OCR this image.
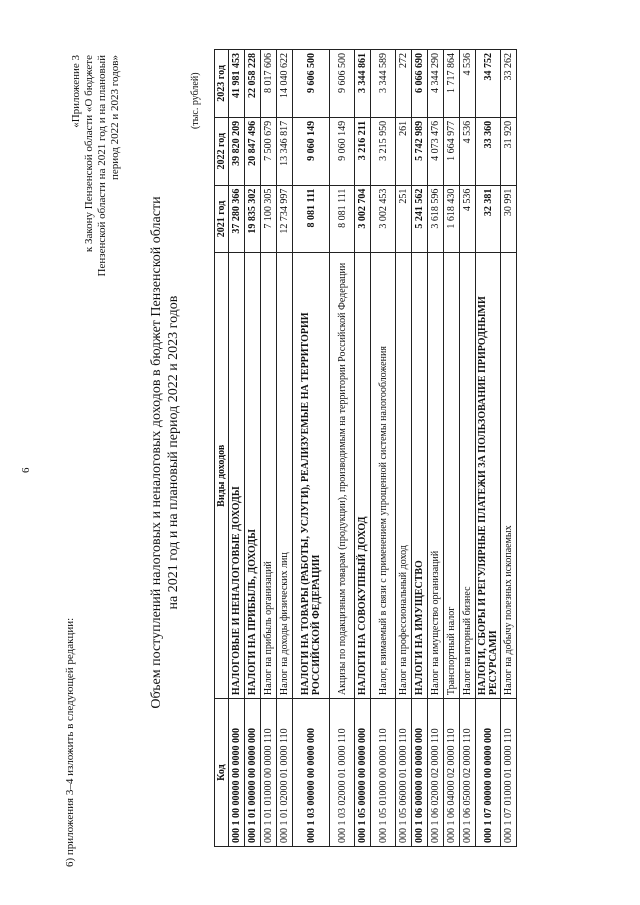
6
6) приложения 3–4 изложить в следующей редакции:
«Приложение 3 к Закону Пензенской области «О бюджете Пензенской области на 2021 год и на плановый период 2022 и 2023 годов»
Объем поступлений налоговых и неналоговых доходов в бюджет Пензенской области на 2021 год и на плановый период 2022 и 2023 годов
(тыс. рублей)
Код	Виды доходов	2021 год	2022 год	2023 год
000 1 00 00000 00 0000 000	НАЛОГОВЫЕ И НЕНАЛОГОВЫЕ ДОХОДЫ	37 280 366	39 820 209	41 981 453
000 1 01 00000 00 0000 000	НАЛОГИ НА ПРИБЫЛЬ, ДОХОДЫ	19 835 302	20 847 496	22 058 228
000 1 01 01000 00 0000 110	Налог на прибыль организаций	7 100 305	7 500 679	8 017 606
000 1 01 02000 01 0000 110	Налог на доходы физических лиц	12 734 997	13 346 817	14 040 622
000 1 03 00000 00 0000 000	НАЛОГИ НА ТОВАРЫ (РАБОТЫ, УСЛУГИ), РЕАЛИЗУЕМЫЕ НА ТЕРРИТОРИИ РОССИЙСКОЙ ФЕДЕРАЦИИ	8 081 111	9 060 149	9 606 500
000 1 03 02000 01 0000 110	Акцизы по подакцизным товарам (продукции), производимым на территории Российской Федерации	8 081 111	9 060 149	9 606 500
000 1 05 00000 00 0000 000	НАЛОГИ НА СОВОКУПНЫЙ ДОХОД	3 002 704	3 216 211	3 344 861
000 1 05 01000 00 0000 110	Налог, взимаемый в связи с применением упрощенной системы налогообложения	3 002 453	3 215 950	3 344 589
000 1 05 06000 01 0000 110	Налог на профессиональный доход	251	261	272
000 1 06 00000 00 0000 000	НАЛОГИ НА ИМУЩЕСТВО	5 241 562	5 742 989	6 066 690
000 1 06 02000 02 0000 110	Налог на имущество организаций	3 618 596	4 073 476	4 344 290
000 1 06 04000 02 0000 110	Транспортный налог	1 618 430	1 664 977	1 717 864
000 1 06 05000 02 0000 110	Налог на игорный бизнес	4 536	4 536	4 536
000 1 07 00000 00 0000 000	НАЛОГИ, СБОРЫ И РЕГУЛЯРНЫЕ ПЛАТЕЖИ ЗА ПОЛЬЗОВАНИЕ ПРИРОДНЫМИ РЕСУРСАМИ	32 381	33 360	34 752
000 1 07 01000 01 0000 110	Налог на добычу полезных ископаемых	30 991	31 920	33 262
